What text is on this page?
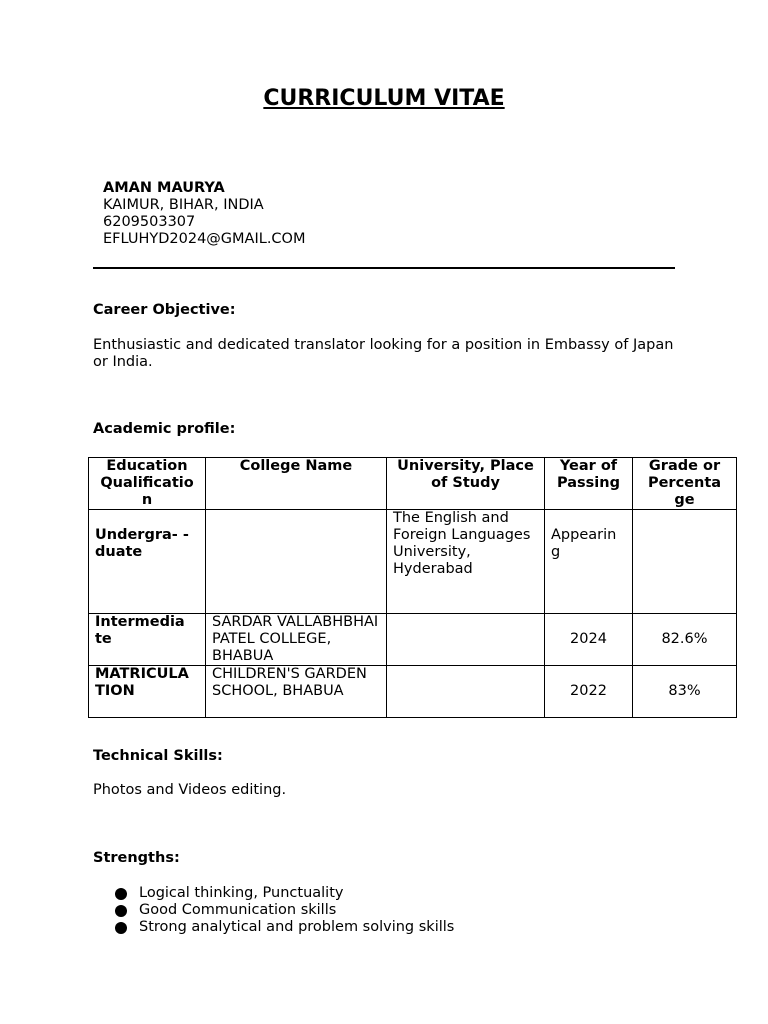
CURRICULUM VITAE
AMAN MAURYA
KAIMUR, BIHAR, INDIA
6209503307
EFLUHYD2024@GMAIL.COM
Career Objective:
Enthusiastic and dedicated translator looking for a position in Embassy of Japan or India.
Academic profile:
Education Qualificatio n	College Name	University, Place of Study	Year of Passing	Grade or Percenta ge
Undergra- - duate		The English and Foreign Languages University, Hyderabad	Appearin g	
Intermedia te	SARDAR VALLABHBHAI PATEL COLLEGE, BHABUA		2024	82.6%
MATRICULA TION	CHILDREN'S GARDEN SCHOOL, BHABUA		2022	83%
Technical Skills:
Photos and Videos editing.
Strengths:
Logical thinking, Punctuality
Good Communication skills
Strong analytical and problem solving skills
